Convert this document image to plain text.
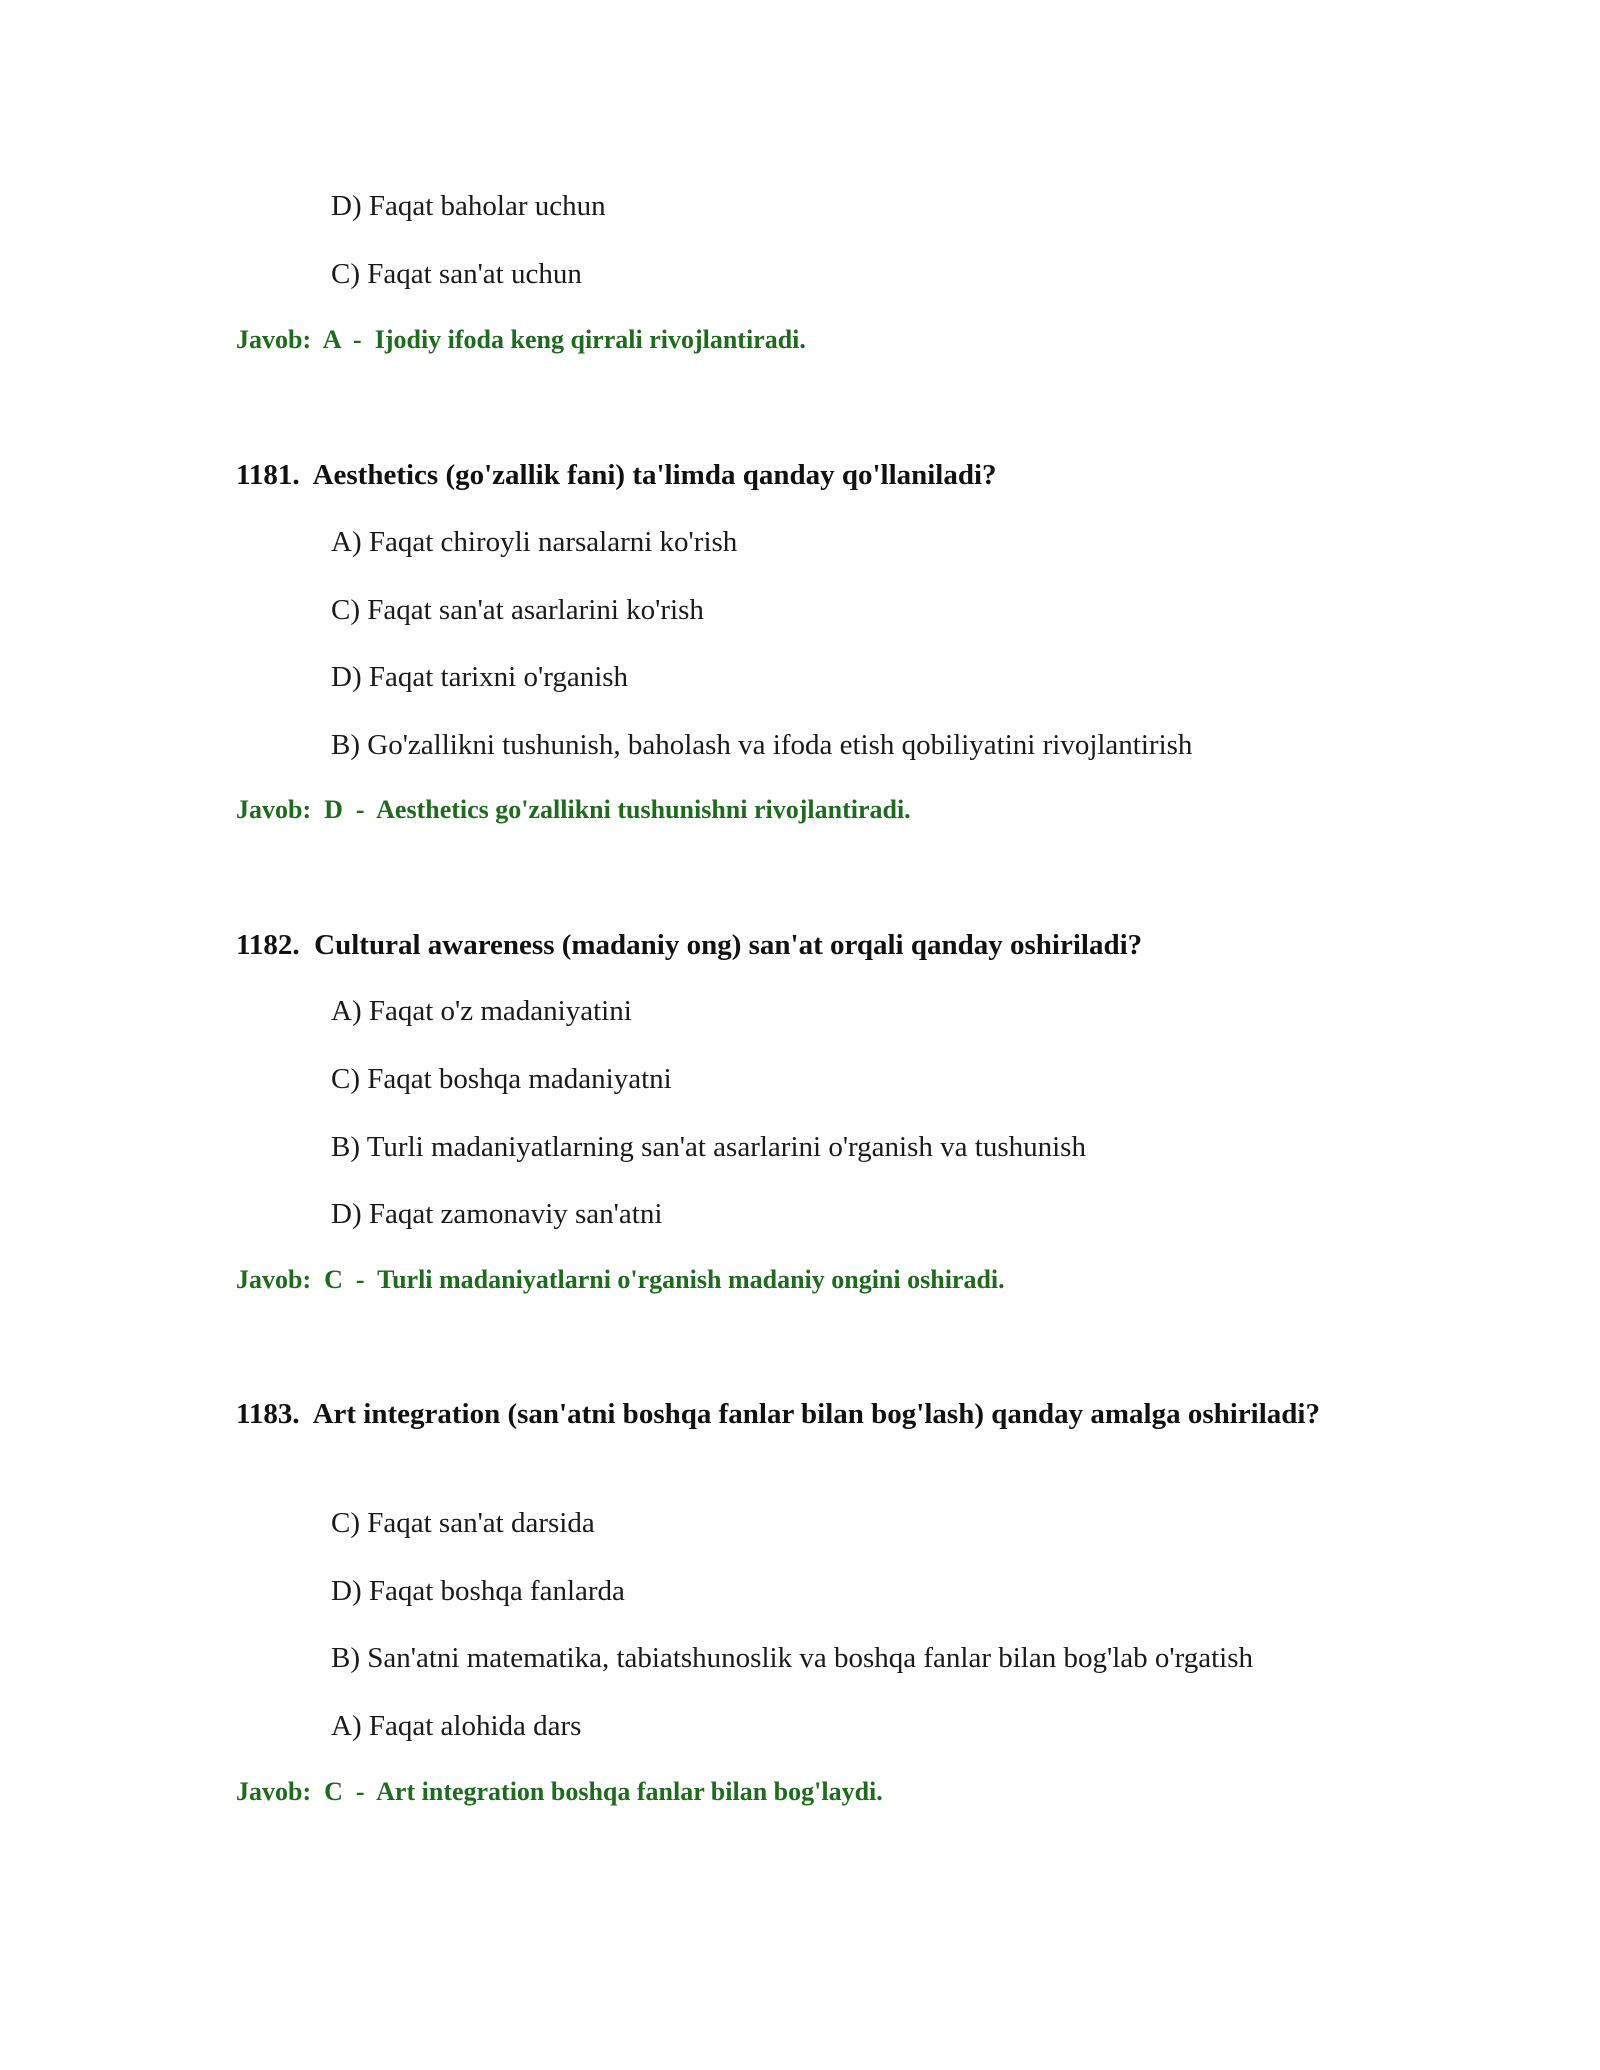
D) Faqat baholar uchun
C) Faqat san'at uchun
Javob: A - Ijodiy ifoda keng qirrali rivojlantiradi.
1181. Aesthetics (go'zallik fani) ta'limda qanday qo'llaniladi?
A) Faqat chiroyli narsalarni ko'rish
C) Faqat san'at asarlarini ko'rish
D) Faqat tarixni o'rganish
B) Go'zallikni tushunish, baholash va ifoda etish qobiliyatini rivojlantirish
Javob: D - Aesthetics go'zallikni tushunishni rivojlantiradi.
1182. Cultural awareness (madaniy ong) san'at orqali qanday oshiriladi?
A) Faqat o'z madaniyatini
C) Faqat boshqa madaniyatni
B) Turli madaniyatlarning san'at asarlarini o'rganish va tushunish
D) Faqat zamonaviy san'atni
Javob: C - Turli madaniyatlarni o'rganish madaniy ongini oshiradi.
1183. Art integration (san'atni boshqa fanlar bilan bog'lash) qanday amalga oshiriladi?
C) Faqat san'at darsida
D) Faqat boshqa fanlarda
B) San'atni matematika, tabiatshunoslik va boshqa fanlar bilan bog'lab o'rgatish
A) Faqat alohida dars
Javob: C - Art integration boshqa fanlar bilan bog'laydi.
